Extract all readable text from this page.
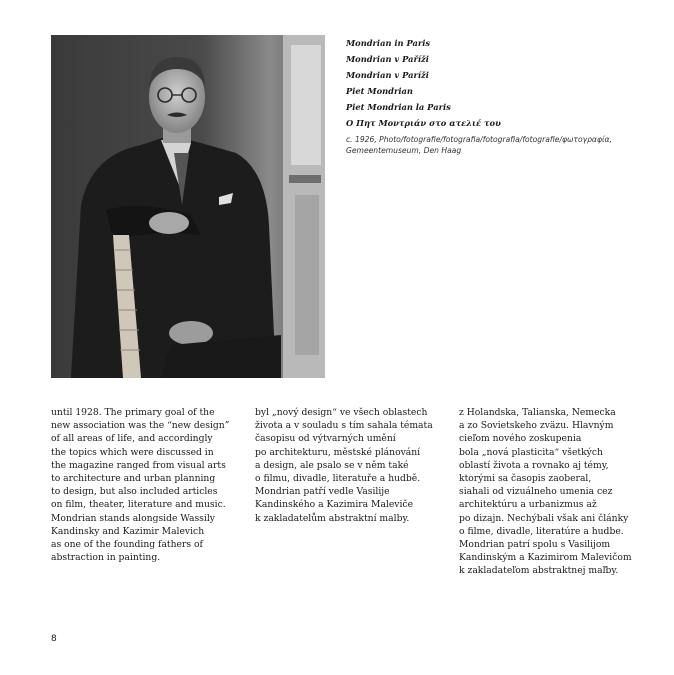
Mondrian in Paris
Mondrian v Paříži
Mondrian v Paríži
Piet Mondrian
Piet Mondrian la Paris
Ο Πητ Μοντριάν στο ατελιέ του
c. 1926, Photo/fotografie/fotografia/fotografia/fotografie/φωτογραφία,
Gemeentemuseum, Den Haag
until 1928. The primary goal of the
new association was the “new design”
of all areas of life, and accordingly
the topics which were discussed in
the magazine ranged from visual arts
to architecture and urban planning
to design, but also included articles
on film, theater, literature and music.
Mondrian stands alongside Wassily
Kandinsky and Kazimir Malevich
as one of the founding fathers of
abstraction in painting.
byl „nový design“ ve všech oblastech
života a v souladu s tím sahala témata
časopisu od výtvarných umění
po architekturu, městské plánování
a design, ale psalo se v něm také
o filmu, divadle, literatuře a hudbě.
Mondrian patří vedle Vasilije
Kandinského a Kazimira Maleviče
k zakladatelům abstraktní malby.
z Holandska, Talianska, Nemecka
a zo Sovietskeho zväzu. Hlavným
cieľom nového zoskupenia
bola „nová plasticita“ všetkých
oblastí života a rovnako aj témy,
ktorými sa časopis zaoberal,
siahali od vizuálneho umenia cez
architektúru a urbanizmus až
po dizajn. Nechýbali však ani články
o filme, divadle, literatúre a hudbe.
Mondrian patrí spolu s Vasilijom
Kandinským a Kazimirom Malevičom
k zakladateľom abstraktnej maľby.
8
